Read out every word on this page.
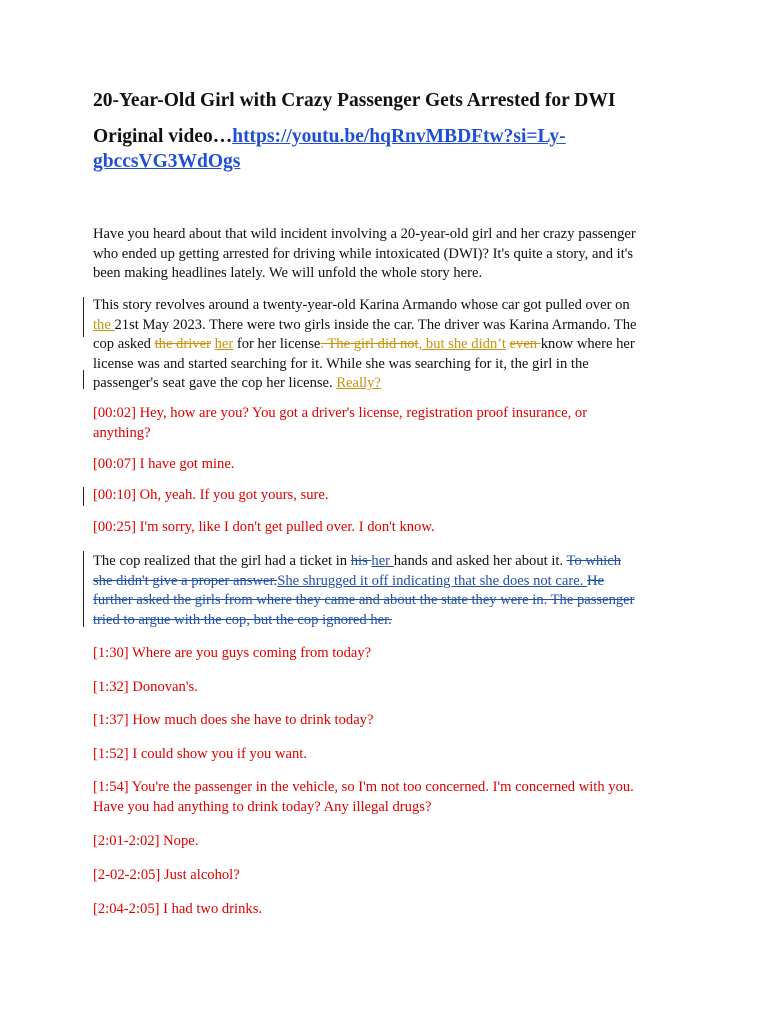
20-Year-Old Girl with Crazy Passenger Gets Arrested for DWI
Original video…https://youtu.be/hqRnvMBDFtw?si=Ly-
gbccsVG3WdOgs

Have you heard about that wild incident involving a 20-year-old girl and her crazy passenger
who ended up getting arrested for driving while intoxicated (DWI)? It's quite a story, and it's
been making headlines lately. We will unfold the whole story here.

This story revolves around a twenty-year-old Karina Armando whose car got pulled over on
the 21st May 2023. There were two girls inside the car. The driver was Karina Armando. The
cop asked the driver her for her license. The girl did not, but she didn’t even know where her
license was and started searching for it. While she was searching for it, the girl in the
passenger's seat gave the cop her license. Really?

[00:02] Hey, how are you? You got a driver's license, registration proof insurance, or
anything?

[00:07] I have got mine.

[00:10] Oh, yeah. If you got yours, sure.

[00:25] I'm sorry, like I don't get pulled over. I don't know.

The cop realized that the girl had a ticket in his her hands and asked her about it. To which
she didn't give a proper answer.She shrugged it off indicating that she does not care. He
further asked the girls from where they came and about the state they were in. The passenger
tried to argue with the cop, but the cop ignored her.

[1:30] Where are you guys coming from today?

[1:32] Donovan's.

[1:37] How much does she have to drink today?

[1:52] I could show you if you want.

[1:54] You're the passenger in the vehicle, so I'm not too concerned. I'm concerned with you.
Have you had anything to drink today? Any illegal drugs?

[2:01-2:02] Nope.

[2-02-2:05] Just alcohol?

[2:04-2:05] I had two drinks.
